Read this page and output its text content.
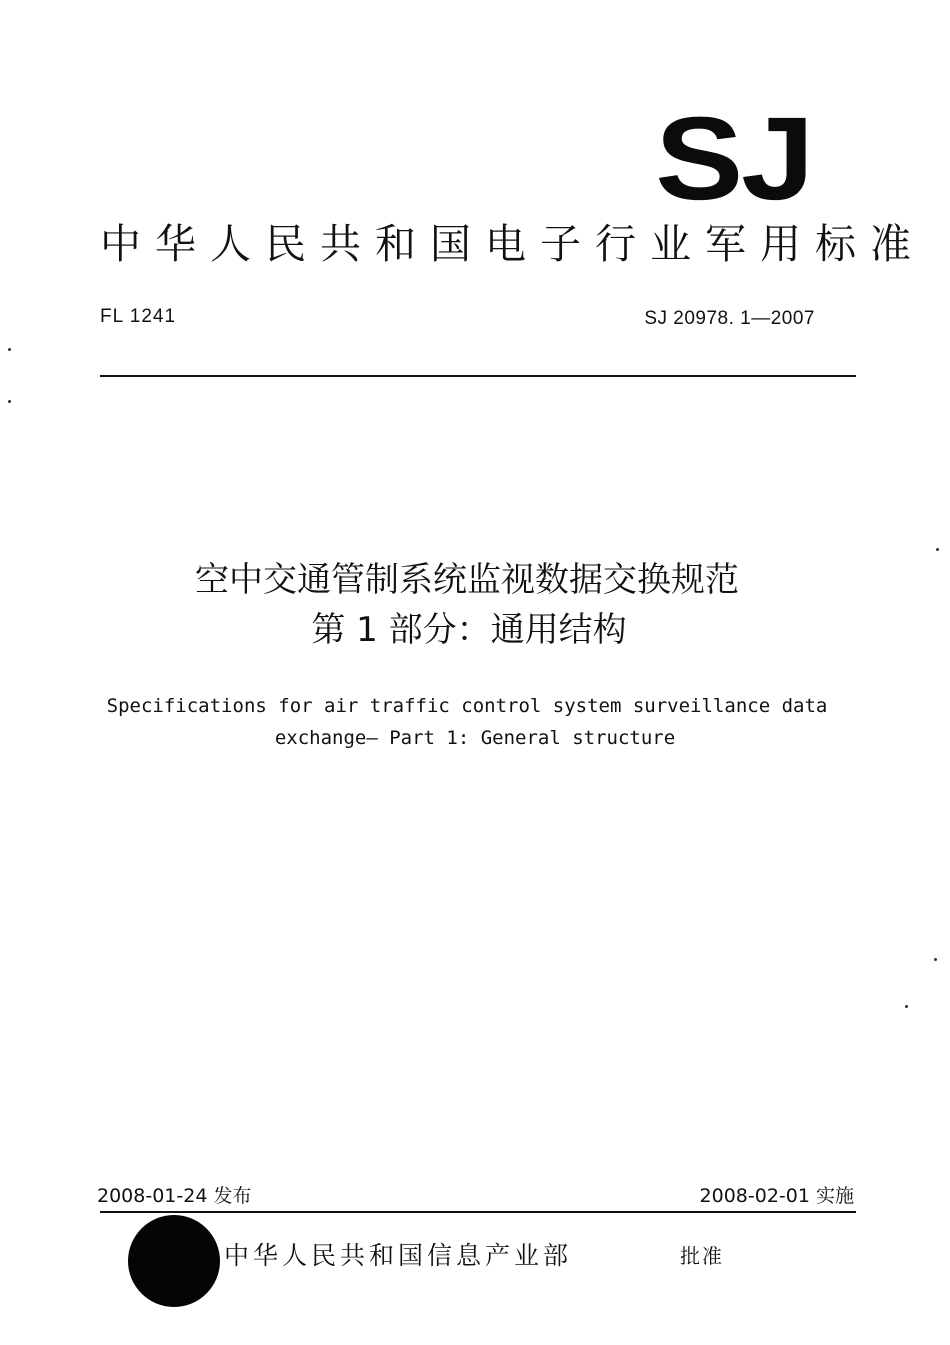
SJ
中华人民共和国电子行业军用标准
FL 1241	SJ 20978. 1—2007
空中交通管制系统监视数据交换规范
第 1 部分：通用结构
Specifications for air traffic control system surveillance data
exchange— Part 1: General structure
2008-01-24 发布	2008-02-01 实施
中华人民共和国信息产业部	批准
